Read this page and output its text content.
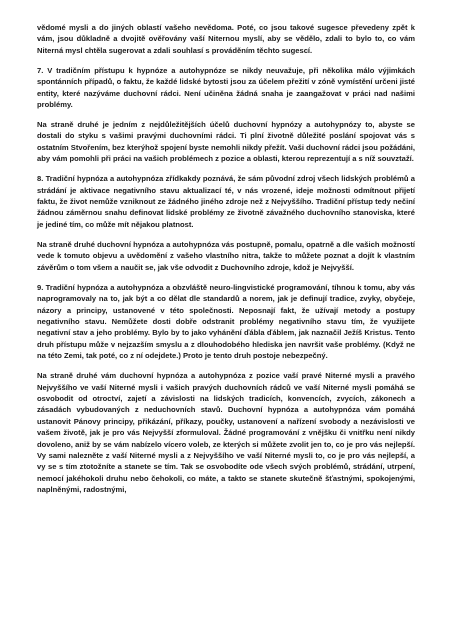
vědomé mysli a do jiných oblastí vašeho nevědoma. Poté, co jsou takové sugesce převedeny zpět k vám, jsou důkladně a dvojitě ověřovány vaší Niternou myslí, aby se vědělo, zdali to bylo to, co vám Niterná mysl chtěla sugerovat a zdali souhlasí s prováděním těchto sugescí.

7. V tradičním přístupu k hypnóze a autohypnóze se nikdy neuvažuje, při několika málo výjimkách spontánních případů, o faktu, že každé lidské bytosti jsou za účelem přežití v zóně vymístění určeni jisté entity, které nazýváme duchovní rádci. Není učiněna žádná snaha je zaangažovat v práci nad našimi problémy.

Na straně druhé je jedním z nejdůležitějších účelů duchovní hypnózy a autohypnózy to, abyste se dostali do styku s vašimi pravými duchovními rádci. Ti plní životně důležité poslání spojovat vás s ostatním Stvořením, bez kterýhož spojení byste nemohli nikdy přežít. Vaši duchovní rádci jsou požádáni, aby vám pomohli při práci na vašich problémech z pozice a oblasti, kterou reprezentují a s níž souvztaží.

8. Tradiční hypnóza a autohypnóza zřídkakdy poznává, že sám původní zdroj všech lidských problémů a strádání je aktivace negativního stavu aktualizací té, v nás vrozené, ideje možnosti odmítnout přijetí faktu, že život nemůže vzniknout ze žádného jiného zdroje než z Nejvyššího. Tradiční přístup tedy nečiní žádnou záměrnou snahu definovat lidské problémy ze životně závažného duchovního stanoviska, které je jediné tím, co může mít nějakou platnost.

Na straně druhé duchovní hypnóza a autohypnóza vás postupně, pomalu, opatrně a dle vašich možností vede k tomuto objevu a uvědomění z vašeho vlastního nitra, takže to můžete poznat a dojít k vlastním závěrům o tom všem a naučit se, jak vše odvodit z Duchovního zdroje, kdož je Nejvyšší.

9. Tradiční hypnóza a autohypnóza a obzvláště neuro-lingvistické programování, tíhnou k tomu, aby vás naprogramovaly na to, jak být a co dělat dle standardů a norem, jak je definují tradice, zvyky, obyčeje, názory a principy, ustanovené v této společnosti. Neposnají fakt, že užívají metody a postupy negativního stavu. Nemůžete dosti dobře odstranit problémy negativního stavu tím, že využijete negativní stav a jeho problémy. Bylo by to jako vyhánění ďábla ďáblem, jak naznačil Ježíš Kristus. Tento druh přístupu může v nejzazším smyslu a z dlouhodobého hlediska jen navršit vaše problémy. (Když ne na této Zemi, tak poté, co z ní odejdete.) Proto je tento druh postoje nebezpečný.

Na straně druhé vám duchovní hypnóza a autohypnóza z pozice vaší pravé Niterné mysli a pravého Nejvyššího ve vaší Niterné mysli i vašich pravých duchovních rádců ve vaší Niterné mysli pomáhá se osvobodit od otroctví, zajetí a závislosti na lidských tradicích, konvencích, zvycích, zákonech a zásadách vybudovaných z neduchovních stavů. Duchovní hypnóza a autohypnóza vám pomáhá ustanovit Pánovy principy, přikázání, příkazy, poučky, ustanovení a nařízení svobody a nezávislosti ve vašem životě, jak je pro vás Nejvyšší zformuloval. Žádné programování z vnějšku či vnitřku není nikdy dovoleno, aniž by se vám nabízelo vícero voleb, ze kterých si můžete zvolit jen to, co je pro vás nejlepší. Vy sami nalezněte z vaší Niterné mysli a z Nejvyššího ve vaší Niterné mysli to, co je pro vás nejlepší, a vy se s tím ztotožníte a stanete se tím. Tak se osvobodíte ode všech svých problémů, strádání, utrpení, nemocí jakéhokoli druhu nebo čehokoli, co máte, a takto se stanete skutečně šťastnými, spokojenými, naplněnými, radostnými,
